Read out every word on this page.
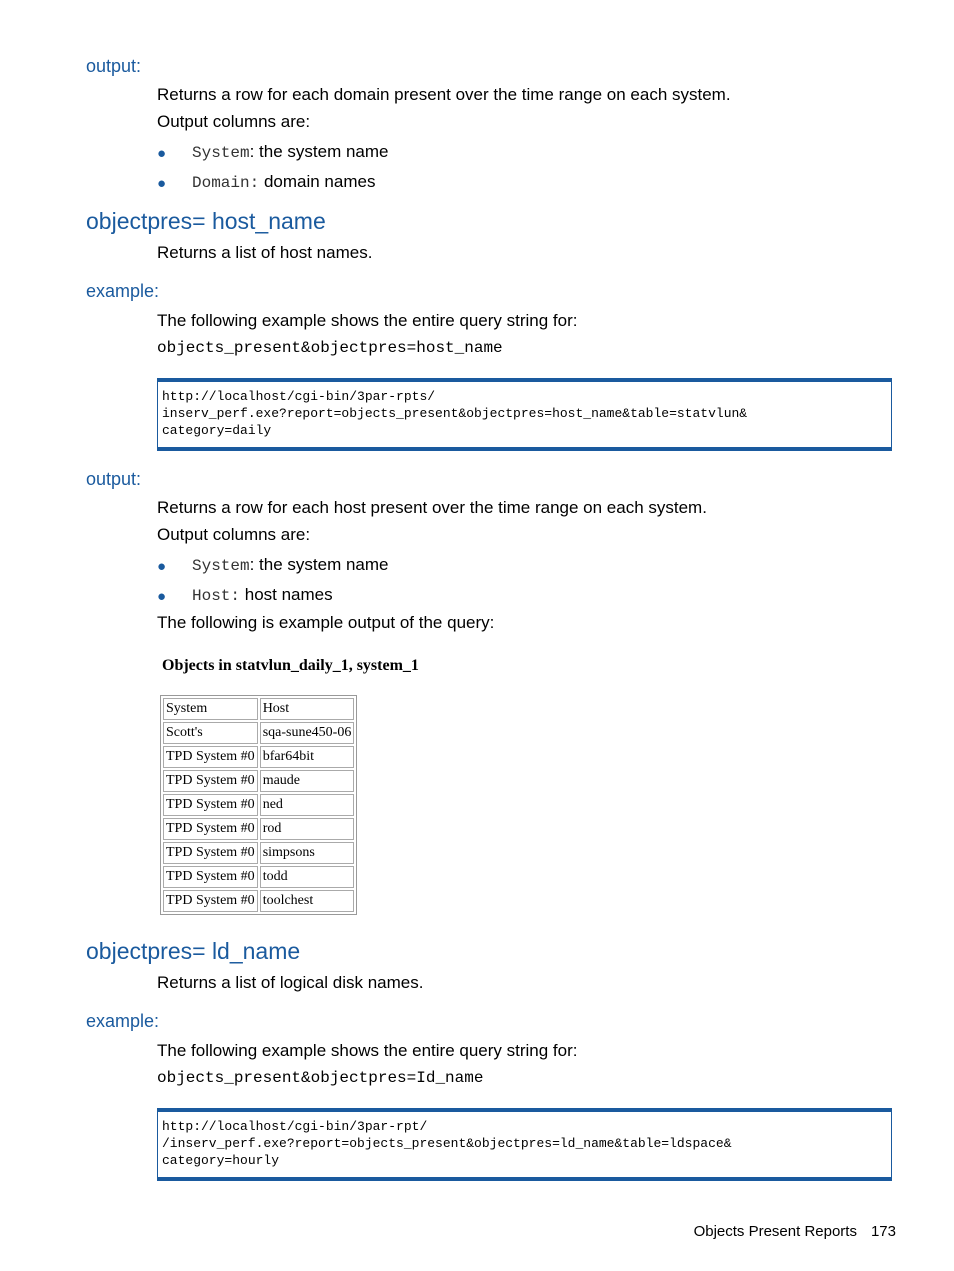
output:
Returns a row for each domain present over the time range on each system.
Output columns are:
● System: the system name
● Domain: domain names
objectpres= host_name
Returns a list of host names.
example:
The following example shows the entire query string for:
objects_present&objectpres=host_name
http://localhost/cgi-bin/3par-rpts/
inserv_perf.exe?report=objects_present&objectpres=host_name&table=statvlun&
category=daily
output:
Returns a row for each host present over the time range on each system.
Output columns are:
● System: the system name
● Host: host names
The following is example output of the query:
Objects in statvlun_daily_1, system_1
System	Host
Scott's	sqa-sune450-06
TPD System #0	bfar64bit
TPD System #0	maude
TPD System #0	ned
TPD System #0	rod
TPD System #0	simpsons
TPD System #0	todd
TPD System #0	toolchest
objectpres= ld_name
Returns a list of logical disk names.
example:
The following example shows the entire query string for:
objects_present&objectpres=Id_name
http://localhost/cgi-bin/3par-rpt/
/inserv_perf.exe?report=objects_present&objectpres=ld_name&table=ldspace&
category=hourly
Objects Present Reports 173
